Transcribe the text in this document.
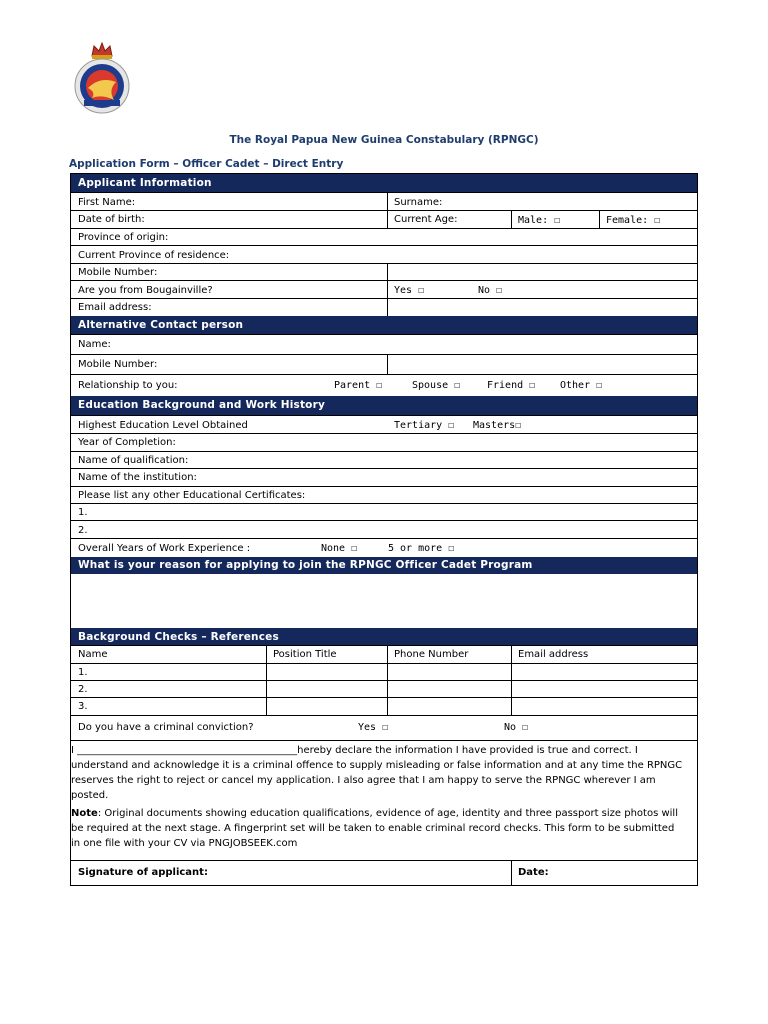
The Royal Papua New Guinea Constabulary (RPNGC)
Application Form – Officer Cadet – Direct Entry
Applicant Information
First Name:	Surname:
Date of birth:	Current Age:	Male: ☐	Female: ☐
Province of origin:
Current Province of residence:
Mobile Number:
Are you from Bougainville?	Yes ☐	No ☐
Email address:
Alternative Contact person
Name:
Mobile Number:
Relationship to you:	Parent ☐	Spouse ☐	Friend ☐ Other ☐
Education Background and Work History
Highest Education Level Obtained	Tertiary ☐ Masters☐
Year of Completion:
Name of qualification:
Name of the institution:
Please list any other Educational Certificates:
1.
2.
Overall Years of Work Experience :	None ☐	5 or more ☐
What is your reason for applying to join the RPNGC Officer Cadet Program
Background Checks – References
Name	Position Title	Phone Number	Email address
1.
2.
3.
Do you have a criminal conviction?	Yes ☐	No ☐
I ____________________________________________hereby declare the information I have provided is true and correct. I understand and acknowledge it is a criminal offence to supply misleading or false information and at any time the RPNGC reserves the right to reject or cancel my application. I also agree that I am happy to serve the RPNGC wherever I am posted.
Note: Original documents showing education qualifications, evidence of age, identity and three passport size photos will be required at the next stage. A fingerprint set will be taken to enable criminal record checks. This form to be submitted in one file with your CV via PNGJOBSEEK.com
Signature of applicant:	Date:
